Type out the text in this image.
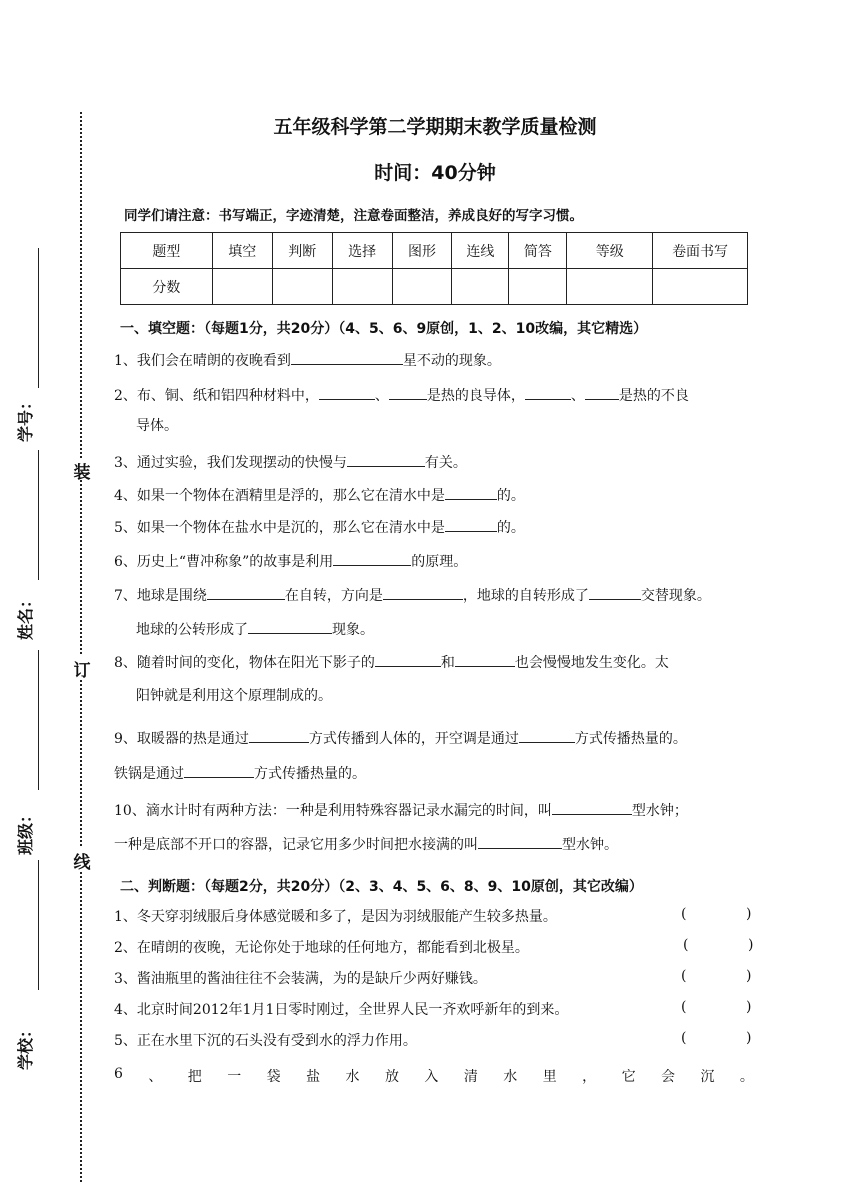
装
订
线
学号：
姓名：
班级：
学校：
五年级科学第二学期期末教学质量检测
时间：40分钟
同学们请注意：书写端正，字迹清楚，注意卷面整洁，养成良好的写字习惯。
题型	填空	判断	选择	图形	连线	简答	等级	卷面书写
分数								
一、填空题：（每题1分，共20分）（4、5、6、9原创，1、2、10改编，其它精选）
1、我们会在晴朗的夜晚看到	星不动的现象。
2、布、铜、纸和铝四种材料中，	、	是热的良导体，	、 是热的不良
导体。
3、通过实验，我们发现摆动的快慢与	有关。
4、如果一个物体在酒精里是浮的，那么它在清水中是	的。
5、如果一个物体在盐水中是沉的，那么它在清水中是	的。
6、历史上“曹冲称象”的故事是利用	的原理。
7、地球是围绕	在自转，方向是	，地球的自转形成了	交替现象。
地球的公转形成了	现象。
8、随着时间的变化，物体在阳光下影子的	和	也会慢慢地发生变化。太
阳钟就是利用这个原理制成的。
9、取暖器的热是通过	方式传播到人体的，开空调是通过	方式传播热量的。
铁锅是通过	方式传播热量的。
10、滴水计时有两种方法：一种是利用特殊容器记录水漏完的时间，叫	型水钟；
一种是底部不开口的容器，记录它用多少时间把水接满的叫	型水钟。
二、判断题：（每题2分，共20分）（2、3、4、5、6、8、9、10原创，其它改编）
1、冬天穿羽绒服后身体感觉暖和多了，是因为羽绒服能产生较多热量。	(	)
2、在晴朗的夜晚，无论你处于地球的任何地方，都能看到北极星。	(	)
3、酱油瓶里的酱油往往不会装满，为的是缺斤少两好赚钱。	(	)
4、北京时间2012年1月1日零时刚过，全世界人民一齐欢呼新年的到来。	(	)
5、正在水里下沉的石头没有受到水的浮力作用。	(	)
6 、 把 一 袋 盐 水 放 入 清 水 里 ， 它 会 沉 。
